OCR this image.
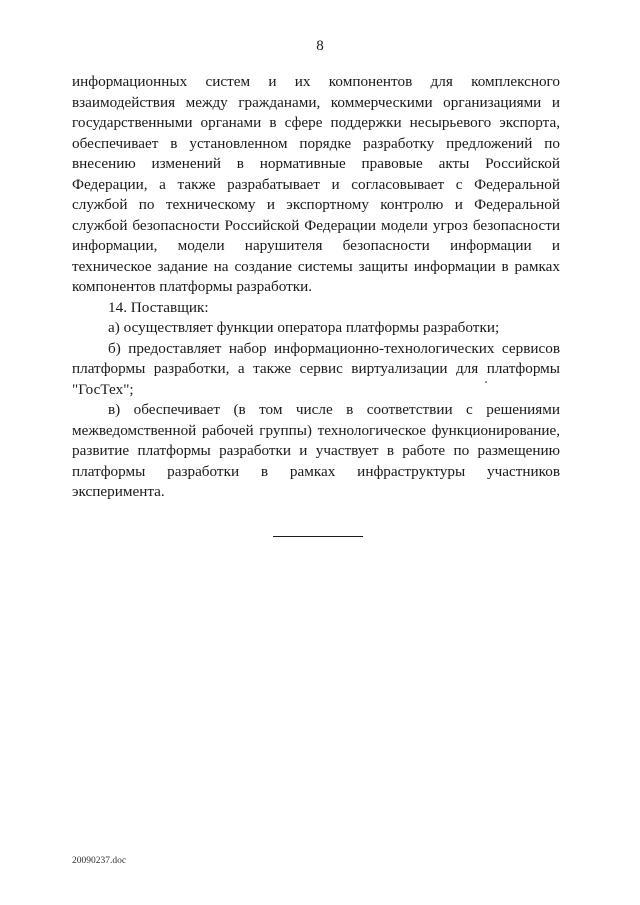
8

информационных систем и их компонентов для комплексного взаимодействия между гражданами, коммерческими организациями и государственными органами в сфере поддержки несырьевого экспорта, обеспечивает в установленном порядке разработку предложений по внесению изменений в нормативные правовые акты Российской Федерации, а также разрабатывает и согласовывает с Федеральной службой по техническому и экспортному контролю и Федеральной службой безопасности Российской Федерации модели угроз безопасности информации, модели нарушителя безопасности информации и техническое задание на создание системы защиты информации в рамках компонентов платформы разработки.

14. Поставщик:

а) осуществляет функции оператора платформы разработки;

б) предоставляет набор информационно-технологических сервисов платформы разработки, а также сервис виртуализации для платформы "ГосТех";

в) обеспечивает (в том числе в соответствии с решениями межведомственной рабочей группы) технологическое функционирование, развитие платформы разработки и участвует в работе по размещению платформы разработки в рамках инфраструктуры участников эксперимента.

20090237.doc
